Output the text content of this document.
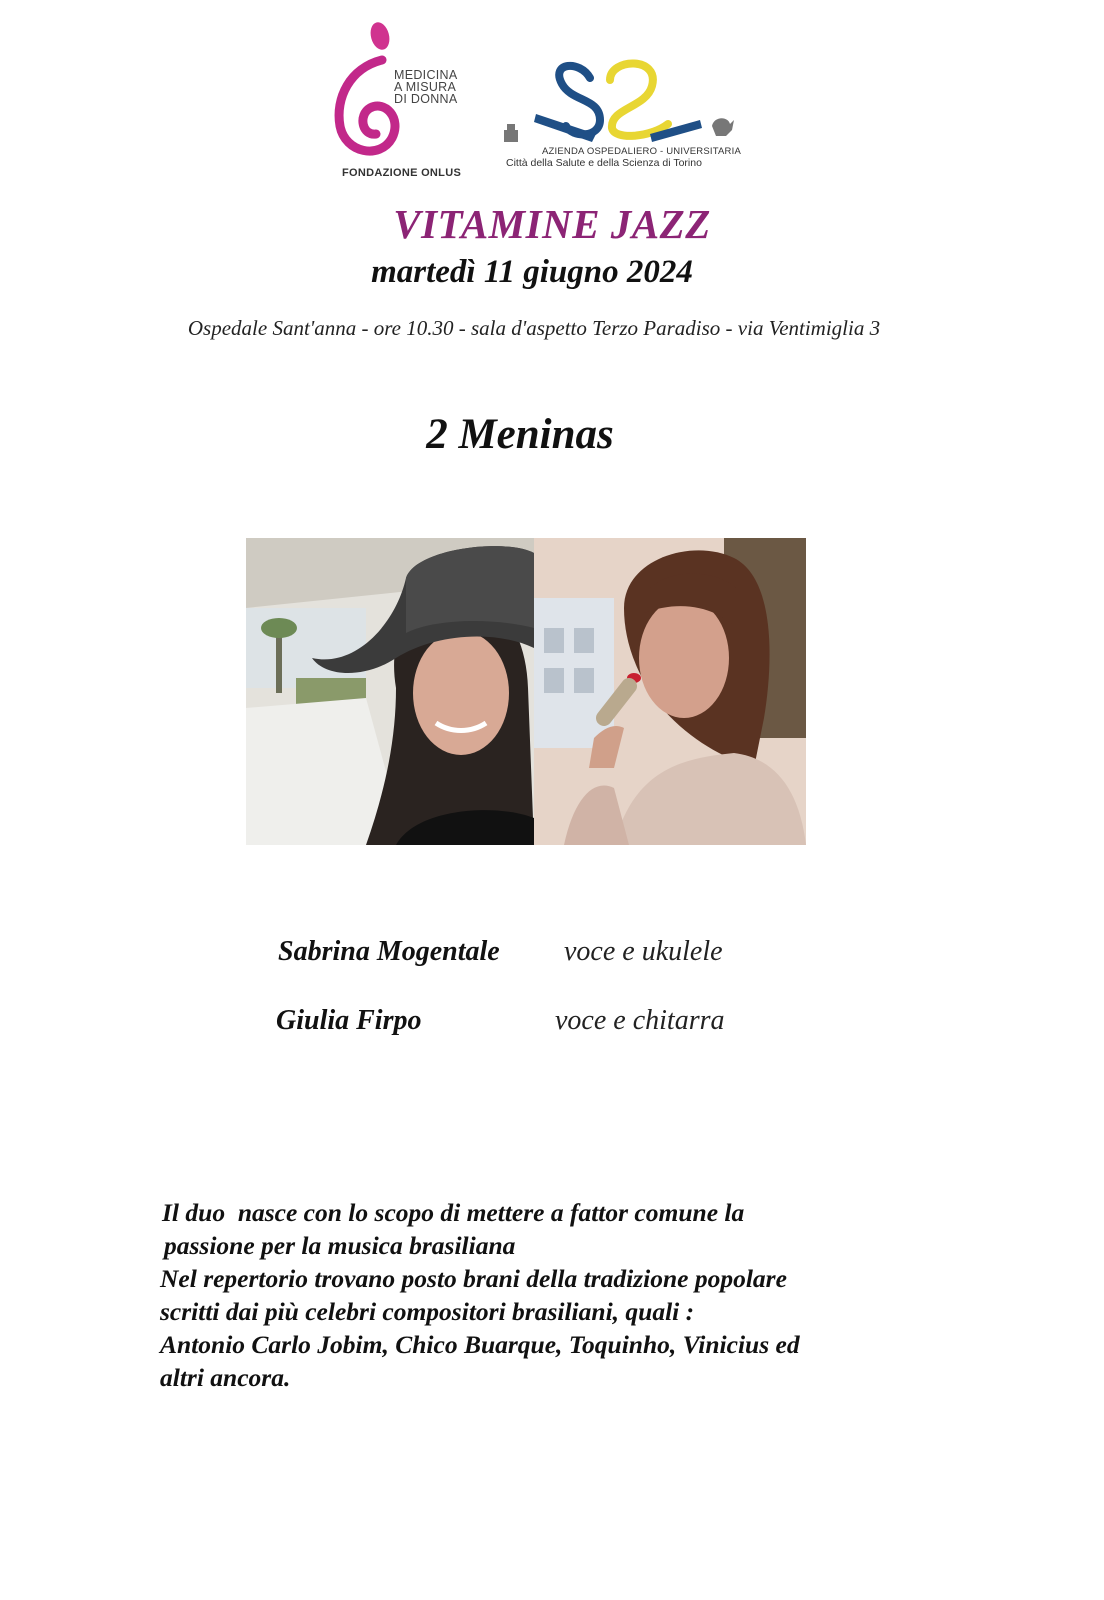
MEDICINA
A MISURA
DI DONNA
FONDAZIONE ONLUS
AZIENDA OSPEDALIERO - UNIVERSITARIA
Città della Salute e della Scienza di Torino
VITAMINE JAZZ
martedì 11 giugno 2024
Ospedale Sant'anna - ore 10.30 - sala d'aspetto Terzo Paradiso - via Ventimiglia 3
2 Meninas
Sabrina Mogentale voce e ukulele
Giulia Firpo	voce e chitarra
Il duo  nasce con lo scopo di mettere a fattor comune la
passione per la musica brasiliana
Nel repertorio trovano posto brani della tradizione popolare
scritti dai più celebri compositori brasiliani, quali :
Antonio Carlo Jobim, Chico Buarque, Toquinho, Vinicius ed
altri ancora.
